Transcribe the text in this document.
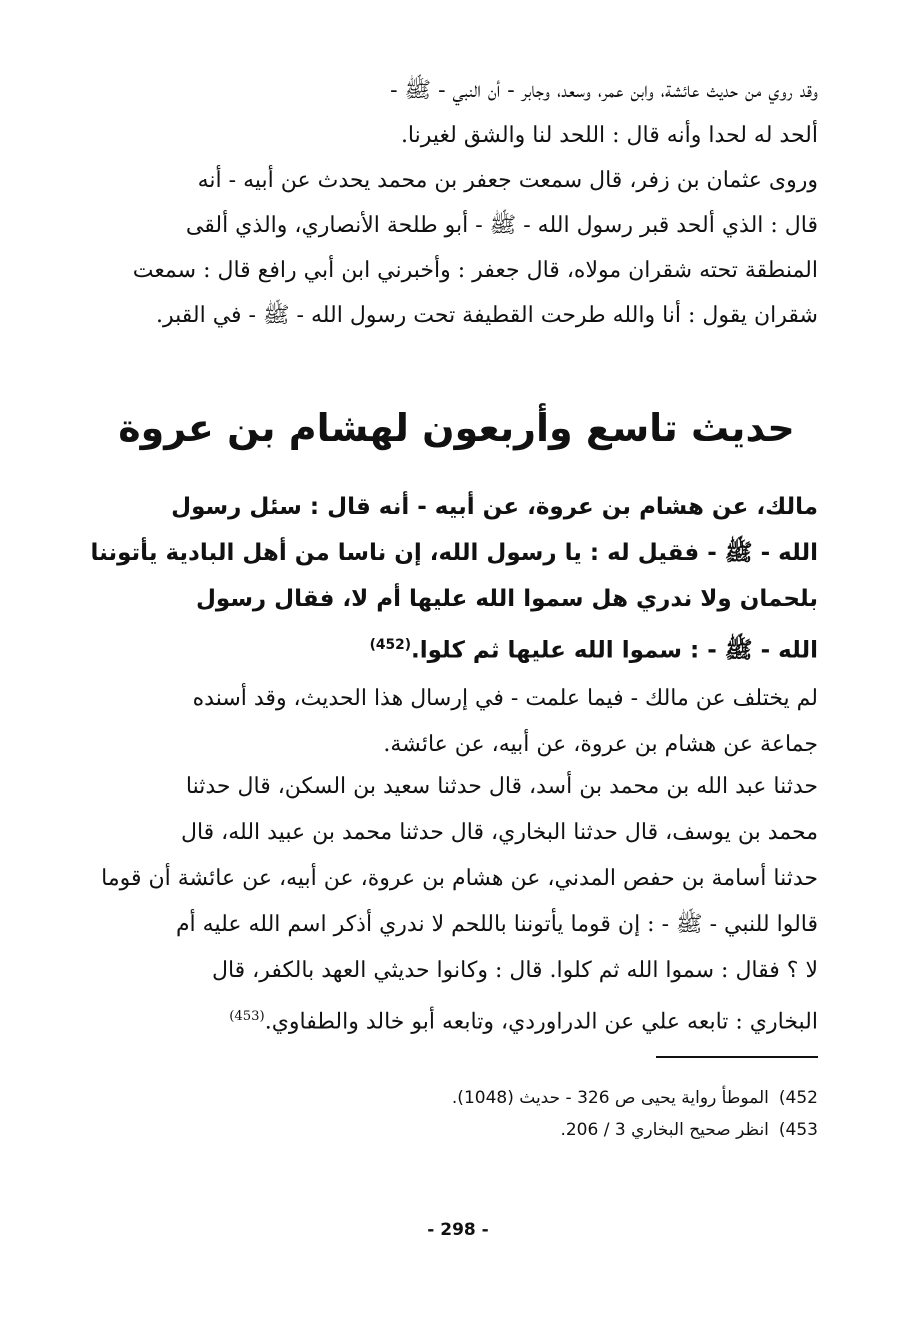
وقد روي من حديث عائشة، وابن عمر، وسعد، وجابر - أن النبي - ﷺ -
ألحد له لحدا وأنه قال : اللحد لنا والشق لغيرنا.
وروى عثمان بن زفر، قال سمعت جعفر بن محمد يحدث عن أبيه - أنه
قال : الذي ألحد قبر رسول الله - ﷺ - أبو طلحة الأنصاري، والذي ألقى
المنطقة تحته شقران مولاه، قال جعفر : وأخبرني ابن أبي رافع قال : سمعت
شقران يقول : أنا والله طرحت القطيفة تحت رسول الله - ﷺ - في القبر.
حديث تاسع وأربعون لهشام بن عروة
مالك، عن هشام بن عروة، عن أبيه - أنه قال : سئل رسول
الله - ﷺ - فقيل له : يا رسول الله، إن ناسا من أهل البادية يأتوننا
بلحمان ولا ندري هل سموا الله عليها أم لا، فقال رسول
الله - ﷺ - : سموا الله عليها ثم كلوا.$^{(452)}$
لم يختلف عن مالك - فيما علمت - في إرسال هذا الحديث، وقد أسنده
جماعة عن هشام بن عروة، عن أبيه، عن عائشة.
حدثنا عبد الله بن محمد بن أسد، قال حدثنا سعيد بن السكن، قال حدثنا
محمد بن يوسف، قال حدثنا البخاري، قال حدثنا محمد بن عبيد الله، قال
حدثنا أسامة بن حفص المدني، عن هشام بن عروة، عن أبيه، عن عائشة أن قوما
قالوا للنبي - ﷺ - : إن قوما يأتوننا باللحم لا ندري أذكر اسم الله عليه أم
لا ؟ فقال : سموا الله ثم كلوا. قال : وكانوا حديثي العهد بالكفر، قال
البخاري : تابعه علي عن الدراوردي، وتابعه أبو خالد والطفاوي.$^{(453)}$
452)الموطأ رواية يحيى ص 326 - حديث (1048).
453)انظر صحيح البخاري 3 / 206.
- 298 -
